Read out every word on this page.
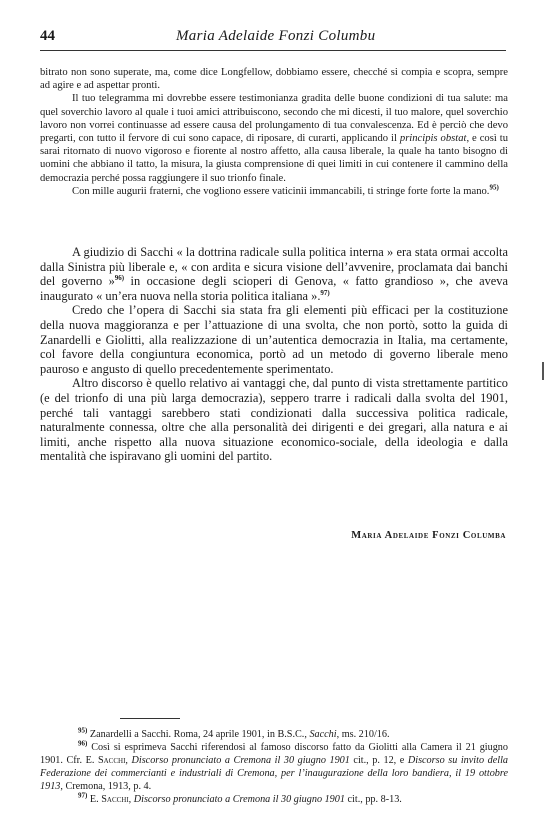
44	Maria Adelaide Fonzi Columbu

bitrato non sono superate, ma, come dice Longfellow, dobbiamo essere, checché si compia e scopra, sempre ad agire e ad aspettar pronti.

Il tuo telegramma mi dovrebbe essere testimonianza gradita delle buone condizioni di tua salute: ma quel soverchio lavoro al quale i tuoi amici attribuiscono, secondo che mi dicesti, il tuo malore, quel soverchio lavoro non vorrei continuasse ad essere causa del prolungamento di tua convalescenza. Ed è perciò che devo pregarti, con tutto il fervore di cui sono capace, di riposare, di curarti, applicando il principis obstat, e così tu sarai ritornato di nuovo vigoroso e fiorente al nostro affetto, alla causa liberale, la quale ha tanto bisogno di uomini che abbiano il tatto, la misura, la giusta comprensione di quei limiti in cui contenere il cammino della democrazia perché possa raggiungere il suo trionfo finale.

Con mille augurii fraterni, che vogliono essere vaticinii immancabili, ti stringe forte forte la mano.$^{95)}$

A giudizio di Sacchi « la dottrina radicale sulla politica interna » era stata ormai accolta dalla Sinistra più liberale e, « con ardita e sicura visione dell’avvenire, proclamata dai banchi del governo »$^{96)}$ in occasione degli scioperi di Genova, « fatto grandioso », che aveva inaugurato « un’era nuova nella storia politica italiana ».$^{97)}$

Credo che l’opera di Sacchi sia stata fra gli elementi più efficaci per la costituzione della nuova maggioranza e per l’attuazione di una svolta, che non portò, sotto la guida di Zanardelli e Giolitti, alla realizzazione di un’autentica democrazia in Italia, ma certamente, col favore della congiuntura economica, portò ad un metodo di governo liberale meno pauroso e angusto di quello precedentemente sperimentato.

Altro discorso è quello relativo ai vantaggi che, dal punto di vista strettamente partitico (e del trionfo di una più larga democrazia), seppero trarre i radicali dalla svolta del 1901, perché tali vantaggi sarebbero stati condizionati dalla successiva politica radicale, naturalmente connessa, oltre che alla personalità dei dirigenti e dei gregari, alla natura e ai limiti, anche rispetto alla nuova situazione economico-sociale, della ideologia e dalla mentalità che ispiravano gli uomini del partito.

Maria Adelaide Fonzi Columba

$^{95)}$ Zanardelli a Sacchi. Roma, 24 aprile 1901, in B.S.C., Sacchi, ms. 210/16.

$^{96)}$ Così si esprimeva Sacchi riferendosi al famoso discorso fatto da Giolitti alla Camera il 21 giugno 1901. Cfr. E. Sacchi, Discorso pronunciato a Cremona il 30 giugno 1901 cit., p. 12, e Discorso su invito della Federazione dei commercianti e industriali di Cremona, per l’inaugurazione della loro bandiera, il 19 ottobre 1913, Cremona, 1913, p. 4.

$^{97)}$ E. Sacchi, Discorso pronunciato a Cremona il 30 giugno 1901 cit., pp. 8-13.
